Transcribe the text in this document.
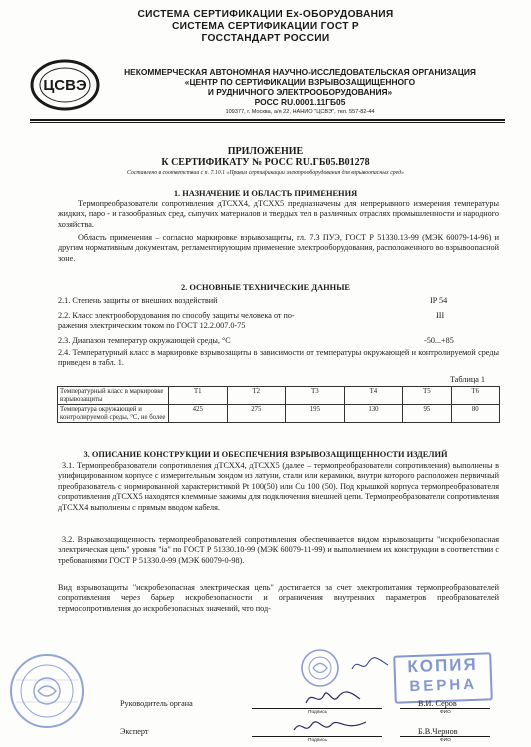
СИСТЕМА СЕРТИФИКАЦИИ Ex-ОБОРУДОВАНИЯ
СИСТЕМА СЕРТИФИКАЦИИ ГОСТ Р
ГОССТАНДАРТ РОССИИ
ЦСВЭ
НЕКОММЕРЧЕСКАЯ АВТОНОМНАЯ НАУЧНО-ИССЛЕДОВАТЕЛЬСКАЯ ОРГАНИЗАЦИЯ
«ЦЕНТР ПО СЕРТИФИКАЦИИ ВЗРЫВОЗАЩИЩЕННОГО
И РУДНИЧНОГО ЭЛЕКТРООБОРУДОВАНИЯ»
РОСС RU.0001.11ГБ05
109377, г. Москва, а/я 22, НАНИО "ЦСВЭ", тел. 557-82-44
ПРИЛОЖЕНИЕ
К СЕРТИФИКАТУ № РОСС RU.ГБ05.В01278
Составлено в соответствии с п. 7.10.1 «Правил сертификации электрооборудования для взрывоопасных сред»
1. НАЗНАЧЕНИЕ И ОБЛАСТЬ ПРИМЕНЕНИЯ
Термопреобразователи сопротивления дТСХХ4, дТСХХ5 предназначены для непрерывного измерения температуры жидких, паро - и газообразных сред, сыпучих материалов и твердых тел в различных отраслях промышленности и народного хозяйства.
Область применения – согласно маркировке взрывозащиты, гл. 7.3 ПУЭ, ГОСТ Р 51330.13-99 (МЭК 60079-14-96) и другим нормативным документам, регламентирующим применение электрооборудования, расположенного во взрывоопасной зоне.
2. ОСНОВНЫЕ ТЕХНИЧЕСКИЕ ДАННЫЕ
2.1. Степень защиты от внешних воздействий	IP 54
2.2. Класс электрооборудования по способу защиты человека от по-	III
ражения электрическим током по ГОСТ 12.2.007.0-75
2.3. Диапазон температур окружающей среды, °C	-50...+85
2.4. Температурный класс в маркировке взрывозащиты в зависимости от температуры окружающей и контролируемой среды приведен в табл. 1.
Таблица 1
Температурный класс в маркировке взрывозащиты	T1	T2	T3	T4	T5	T6
Температура окружающей и контролируемой среды, °C, не более	425	275	195	130	95	80
3. ОПИСАНИЕ КОНСТРУКЦИИ И ОБЕСПЕЧЕНИЯ ВЗРЫВОЗАЩИЩЕННОСТИ ИЗДЕЛИЙ
3.1. Термопреобразователи сопротивления дТСХХ4, дТСХХ5 (далее – термопреобразователи сопротивления) выполнены в унифицированном корпусе с измерительным зондом из латуни, стали или керамики, внутри которого расположен первичный преобразователь с нормированной характеристикой Pt 100(50) или Cu 100 (50). Под крышкой корпуса термопреобразователя сопротивления дТСХХ5 находятся клеммные зажимы для подключения внешней цепи. Термопреобразователи сопротивления дТСХХ4 выполнены с прямым вводом кабеля.
3.2. Взрывозащищенность термопреобразователей сопротивления обеспечивается видом взрывозащиты "искробезопасная электрическая цепь" уровня "ia" по ГОСТ Р 51330.10-99 (МЭК 60079-11-99) и выполнением их конструкции в соответствии с требованиями ГОСТ Р 51330.0-99 (МЭК 60079-0-98).
Вид взрывозащиты "искробезопасная электрическая цепь" достигается за счет электропитания термопреобразователей сопротивления через барьер искробезопасности и ограничения внутренних параметров преобразователей термосопротивления до искробезопасных значений, что под-
КОПИЯ
ВЕРНА
Руководитель органа
Подпись
В.И. Серов
ФИО
Эксперт
Подпись
Б.В.Чернов
ФИО
